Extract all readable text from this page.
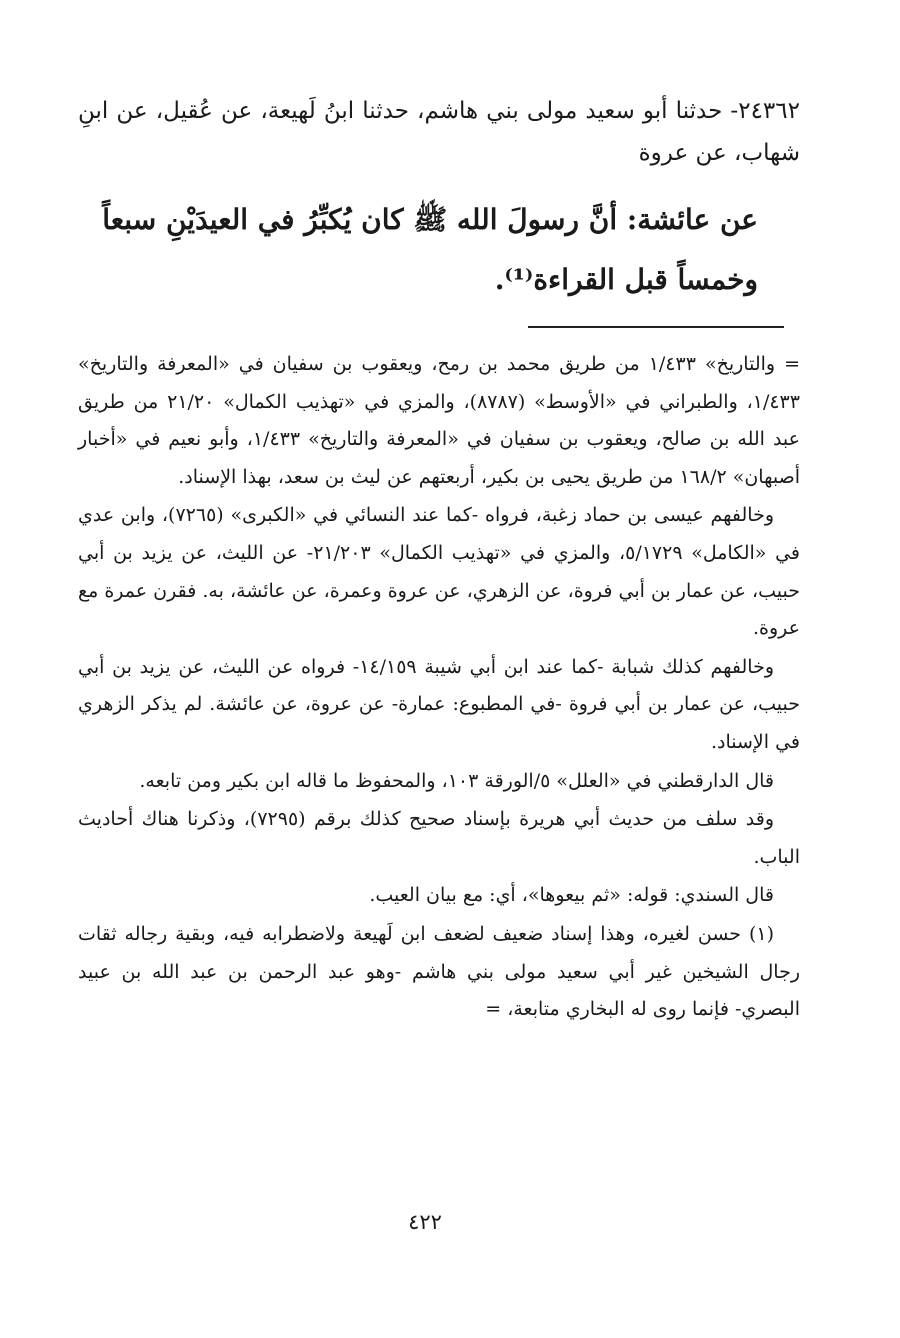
٢٤٣٦٢- حدثنا أبو سعيد مولى بني هاشم، حدثنا ابنُ لَهيعة، عن عُقيل، عن ابنِ شهاب، عن عروة

عن عائشة: أنَّ رسولَ الله ﷺ كان يُكبِّرُ في العيدَيْنِ سبعاً وخمساً قبل القراءة⁽¹⁾.

= والتاريخ» ١/٤٣٣ من طريق محمد بن رمح، ويعقوب بن سفيان في «المعرفة والتاريخ» ١/٤٣٣، والطبراني في «الأوسط» (٨٧٨٧)، والمزي في «تهذيب الكمال» ٢١/٢٠ من طريق عبد الله بن صالح، ويعقوب بن سفيان في «المعرفة والتاريخ» ١/٤٣٣، وأبو نعيم في «أخبار أصبهان» ١٦٨/٢ من طريق يحيى بن بكير، أربعتهم عن ليث بن سعد، بهذا الإسناد.

وخالفهم عيسى بن حماد زغبة، فرواه -كما عند النسائي في «الكبرى» (٧٢٦٥)، وابن عدي في «الكامل» ٥/١٧٢٩، والمزي في «تهذيب الكمال» ٢١/٢٠٣- عن الليث، عن يزيد بن أبي حبيب، عن عمار بن أبي فروة، عن الزهري، عن عروة وعمرة، عن عائشة، به. فقرن عمرة مع عروة.

وخالفهم كذلك شبابة -كما عند ابن أبي شيبة ١٤/١٥٩- فرواه عن الليث، عن يزيد بن أبي حبيب، عن عمار بن أبي فروة -في المطبوع: عمارة- عن عروة، عن عائشة. لم يذكر الزهري في الإسناد.

قال الدارقطني في «العلل» ٥/الورقة ١٠٣، والمحفوظ ما قاله ابن بكير ومن تابعه.

وقد سلف من حديث أبي هريرة بإسناد صحيح كذلك برقم (٧٢٩٥)، وذكرنا هناك أحاديث الباب.

قال السندي: قوله: «ثم بيعوها»، أي: مع بيان العيب.

(١) حسن لغيره، وهذا إسناد ضعيف لضعف ابن لَهيعة ولاضطرابه فيه، وبقية رجاله ثقات رجال الشيخين غير أبي سعيد مولى بني هاشم -وهو عبد الرحمن بن عبد الله بن عبيد البصري- فإنما روى له البخاري متابعة، =

٤٢٢
